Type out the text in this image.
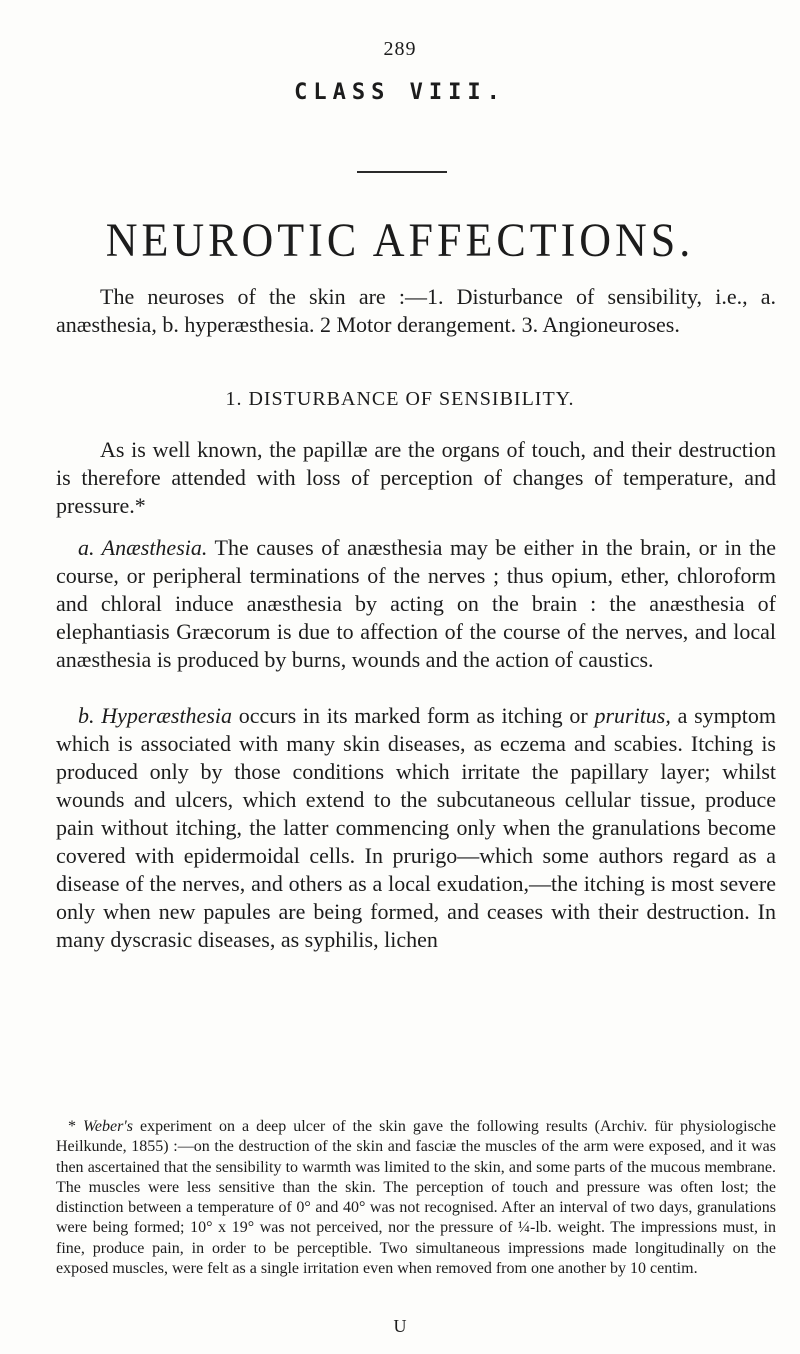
289
CLASS VIII.
NEUROTIC AFFECTIONS.
The neuroses of the skin are :—1. Disturbance of sensibility, i.e., a. anæsthesia, b. hyperæsthesia. 2 Motor derangement. 3. Angioneuroses.
1. DISTURBANCE OF SENSIBILITY.
As is well known, the papillæ are the organs of touch, and their destruction is therefore attended with loss of perception of changes of temperature, and pressure.*
a. Anæsthesia. The causes of anæsthesia may be either in the brain, or in the course, or peripheral terminations of the nerves ; thus opium, ether, chloroform and chloral induce anæsthesia by acting on the brain : the anæsthesia of elephantiasis Græcorum is due to affection of the course of the nerves, and local anæsthesia is produced by burns, wounds and the action of caustics.
b. Hyperæsthesia occurs in its marked form as itching or pruritus, a symptom which is associated with many skin diseases, as eczema and scabies. Itching is produced only by those conditions which irritate the papillary layer; whilst wounds and ulcers, which extend to the subcutaneous cellular tissue, produce pain without itching, the latter commencing only when the granulations become covered with epidermoidal cells. In prurigo—which some authors regard as a disease of the nerves, and others as a local exudation,—the itching is most severe only when new papules are being formed, and ceases with their destruction. In many dyscrasic diseases, as syphilis, lichen
* Weber's experiment on a deep ulcer of the skin gave the following results (Archiv. für physiologische Heilkunde, 1855) :—on the destruction of the skin and fasciæ the muscles of the arm were exposed, and it was then ascertained that the sensibility to warmth was limited to the skin, and some parts of the mucous membrane. The muscles were less sensitive than the skin. The perception of touch and pressure was often lost; the distinction between a temperature of 0° and 40° was not recognised. After an interval of two days, granulations were being formed; 10° x 19° was not perceived, nor the pressure of ¼-lb. weight. The impressions must, in fine, produce pain, in order to be perceptible. Two simultaneous impressions made longitudinally on the exposed muscles, were felt as a single irritation even when removed from one another by 10 centim.
U
